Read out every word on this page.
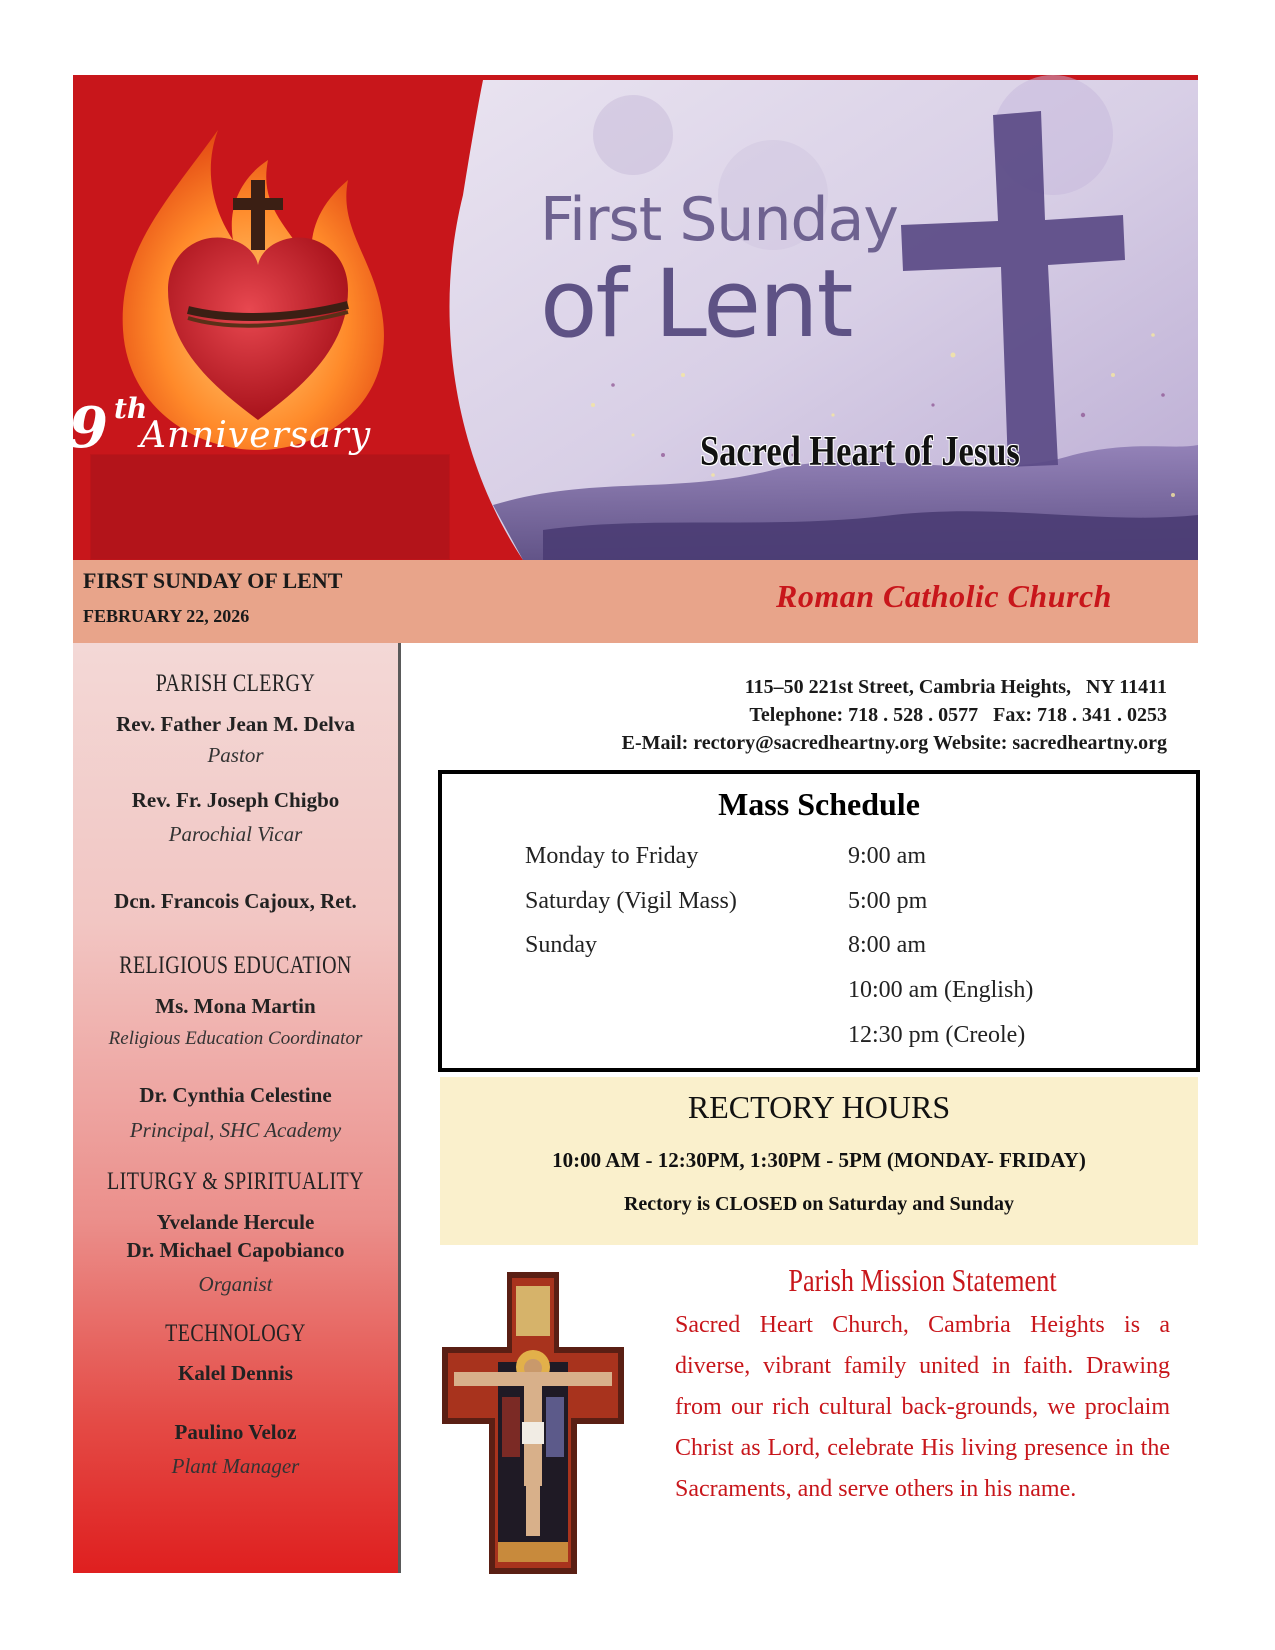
89 th
Anniversary
First Sunday
of Lent
Sacred Heart of Jesus
FIRST SUNDAY OF LENT
FEBRUARY 22, 2026
Roman Catholic Church
PARISH CLERGY
Rev. Father Jean M. Delva
Pastor
Rev. Fr. Joseph Chigbo
Parochial Vicar
Dcn. Francois Cajoux, Ret.
RELIGIOUS EDUCATION
Ms. Mona Martin
Religious Education Coordinator
Dr. Cynthia Celestine
Principal, SHC Academy
LITURGY & SPIRITUALITY
Yvelande Hercule
Dr. Michael Capobianco
Organist
TECHNOLOGY
Kalel Dennis
Paulino Veloz
Plant Manager
115–50 221st Street, Cambria Heights,   NY 11411
Telephone: 718 . 528 . 0577   Fax: 718 . 341 . 0253
E-Mail: rectory@sacredheartny.org Website: sacredheartny.org
Mass Schedule
Monday to Friday	9:00 am
Saturday (Vigil Mass)	5:00 pm
Sunday	8:00 am
10:00 am (English)
12:30 pm (Creole)
RECTORY HOURS
10:00 AM - 12:30PM, 1:30PM - 5PM (MONDAY- FRIDAY)
Rectory is CLOSED on Saturday and Sunday
Parish Mission Statement
Sacred Heart Church, Cambria Heights is a diverse, vibrant family united in faith. Drawing from our rich cultural back-grounds, we proclaim Christ as Lord, celebrate His living presence in the Sacraments, and serve others in his name.
